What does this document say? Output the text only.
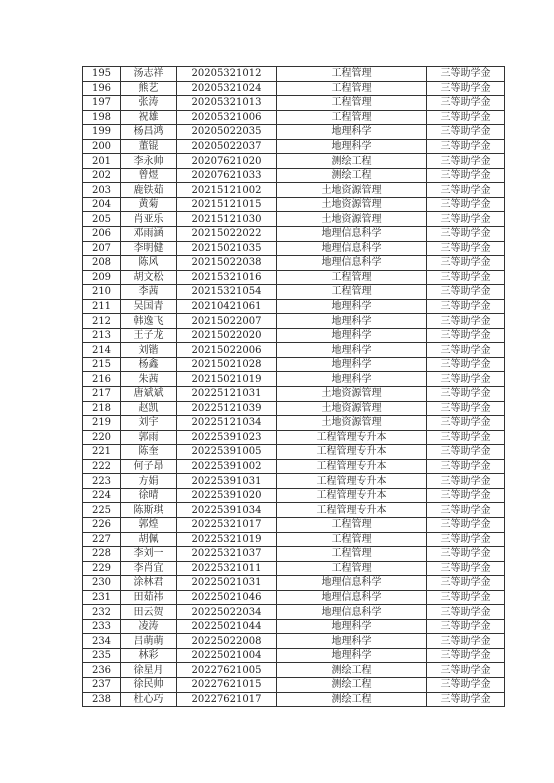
195	汤志祥	20205321012	工程管理	三等助学金
196	熊艺	20205321024	工程管理	三等助学金
197	张涛	20205321013	工程管理	三等助学金
198	祝雄	20205321006	工程管理	三等助学金
199	杨昌鸿	20205022035	地理科学	三等助学金
200	董锟	20205022037	地理科学	三等助学金
201	李永帅	20207621020	测绘工程	三等助学金
202	曾煜	20207621033	测绘工程	三等助学金
203	鹿铁茹	20215121002	土地资源管理	三等助学金
204	黄菊	20215121015	土地资源管理	三等助学金
205	肖亚乐	20215121030	土地资源管理	三等助学金
206	邓雨涵	20215022022	地理信息科学	三等助学金
207	李明健	20215021035	地理信息科学	三等助学金
208	陈风	20215022038	地理信息科学	三等助学金
209	胡文松	20215321016	工程管理	三等助学金
210	李茜	20215321054	工程管理	三等助学金
211	吴国青	20210421061	地理科学	三等助学金
212	韩逸飞	20215022007	地理科学	三等助学金
213	王子龙	20215022020	地理科学	三等助学金
214	刘锴	20215022006	地理科学	三等助学金
215	杨鑫	20215021028	地理科学	三等助学金
216	朱茜	20215021019	地理科学	三等助学金
217	唐斌斌	20225121031	土地资源管理	三等助学金
218	赵凯	20225121039	土地资源管理	三等助学金
219	刘宇	20225121034	土地资源管理	三等助学金
220	郭雨	20225391023	工程管理专升本	三等助学金
221	陈奎	20225391005	工程管理专升本	三等助学金
222	何子昂	20225391002	工程管理专升本	三等助学金
223	方娟	20225391031	工程管理专升本	三等助学金
224	徐晴	20225391020	工程管理专升本	三等助学金
225	陈斯琪	20225391034	工程管理专升本	三等助学金
226	郭煌	20225321017	工程管理	三等助学金
227	胡佩	20225321019	工程管理	三等助学金
228	李刘一	20225321037	工程管理	三等助学金
229	李肖宜	20225321011	工程管理	三等助学金
230	涂林君	20225021031	地理信息科学	三等助学金
231	田茹祎	20225021046	地理信息科学	三等助学金
232	田云贺	20225022034	地理信息科学	三等助学金
233	凌涛	20225021044	地理科学	三等助学金
234	吕萌萌	20225022008	地理科学	三等助学金
235	林彩	20225021004	地理科学	三等助学金
236	徐星月	20227621005	测绘工程	三等助学金
237	徐民帅	20227621015	测绘工程	三等助学金
238	杜心巧	20227621017	测绘工程	三等助学金
